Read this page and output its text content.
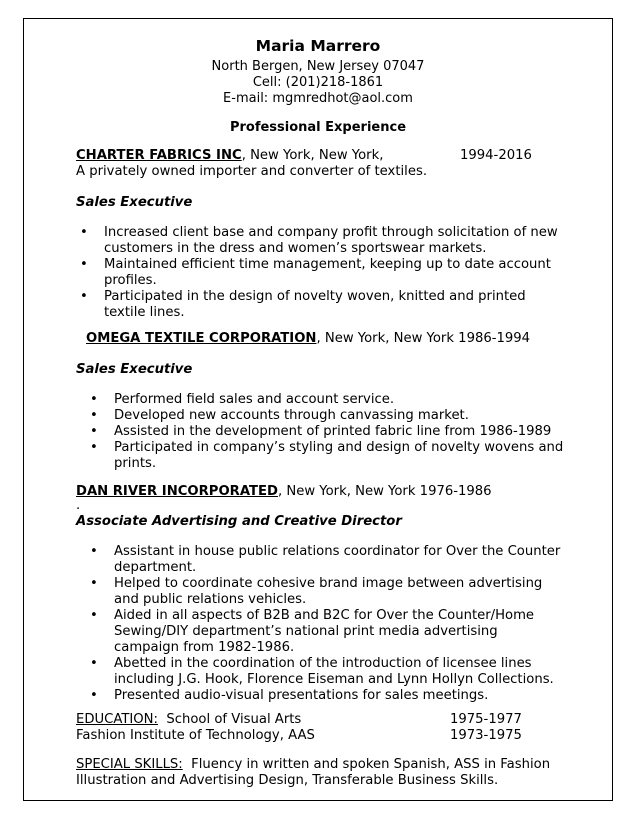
Maria Marrero
North Bergen, New Jersey 07047
Cell: (201)218-1861
E-mail: mgmredhot@aol.com
Professional Experience
CHARTER FABRICS INC, New York, New York,	1994-2016
A privately owned importer and converter of textiles.
Sales Executive
• Increased client base and company profit through solicitation of new customers in the dress and women’s sportswear markets.
• Maintained efficient time management, keeping up to date account profiles.
• Participated in the design of novelty woven, knitted and printed textile lines.
OMEGA TEXTILE CORPORATION, New York, New York 1986-1994
Sales Executive
• Performed field sales and account service.
• Developed new accounts through canvassing market.
• Assisted in the development of printed fabric line from 1986-1989
• Participated in company’s styling and design of novelty wovens and prints.
DAN RIVER INCORPORATED, New York, New York 1976-1986
.
Associate Advertising and Creative Director
• Assistant in house public relations coordinator for Over the Counter department.
• Helped to coordinate cohesive brand image between advertising and public relations vehicles.
• Aided in all aspects of B2B and B2C for Over the Counter/Home Sewing/DIY department’s national print media advertising campaign from 1982-1986.
• Abetted in the coordination of the introduction of licensee lines including J.G. Hook, Florence Eiseman and Lynn Hollyn Collections.
• Presented audio-visual presentations for sales meetings.
EDUCATION: School of Visual Arts	1975-1977
Fashion Institute of Technology, AAS	1973-1975
SPECIAL SKILLS: Fluency in written and spoken Spanish, ASS in Fashion
Illustration and Advertising Design, Transferable Business Skills.
